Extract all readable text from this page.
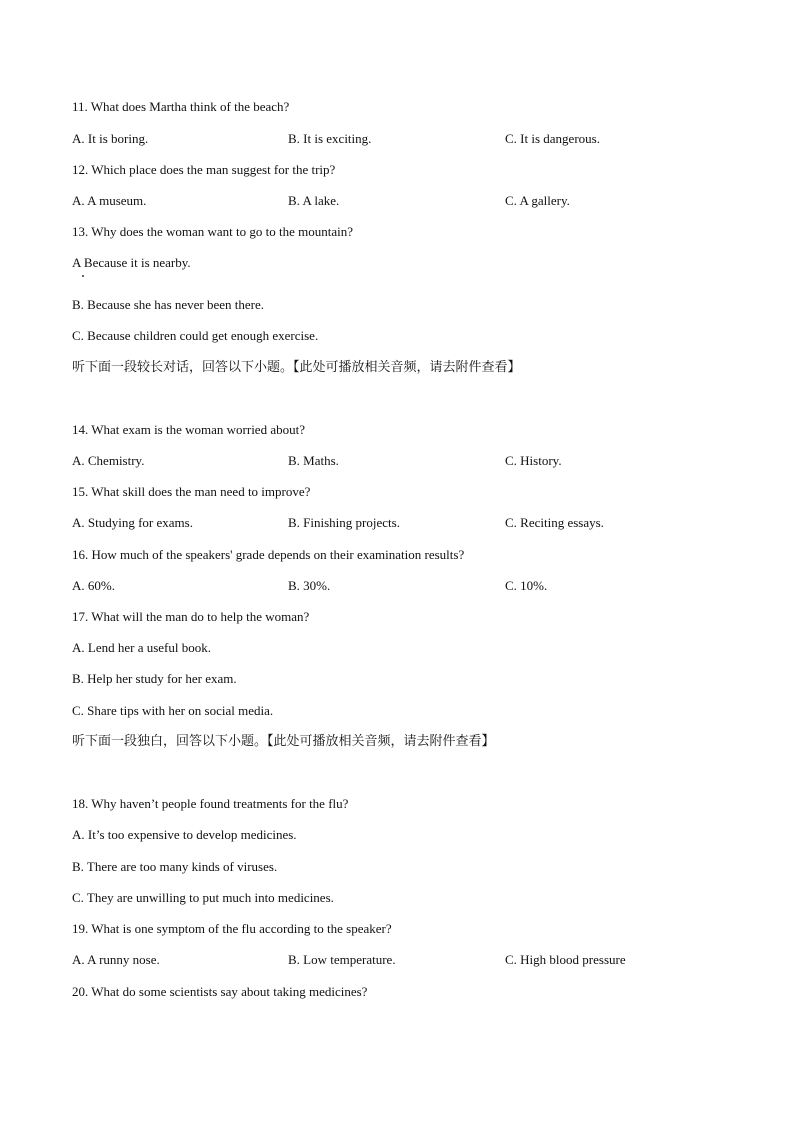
11. What does Martha think of the beach?

A. It is boring.	B. It is exciting.	C. It is dangerous.

12. Which place does the man suggest for the trip?

A. A museum.	B. A lake.	C. A gallery.

13. Why does the woman want to go to the mountain?

A Because it is nearby.

B. Because she has never been there.

C. Because children could get enough exercise.

听下面一段较长对话，回答以下小题。【此处可播放相关音频，请去附件查看】

14. What exam is the woman worried about?

A. Chemistry.	B. Maths.	C. History.

15. What skill does the man need to improve?

A. Studying for exams.	B. Finishing projects.	C. Reciting essays.

16. How much of the speakers' grade depends on their examination results?

A. 60%.	B. 30%.	C. 10%.

17. What will the man do to help the woman?

A. Lend her a useful book.

B. Help her study for her exam.

C. Share tips with her on social media.

听下面一段独白，回答以下小题。【此处可播放相关音频，请去附件查看】

18. Why haven’t people found treatments for the flu?

A. It’s too expensive to develop medicines.

B. There are too many kinds of viruses.

C. They are unwilling to put much into medicines.

19. What is one symptom of the flu according to the speaker?

A. A runny nose.	B. Low temperature.	C. High blood pressure

20. What do some scientists say about taking medicines?
